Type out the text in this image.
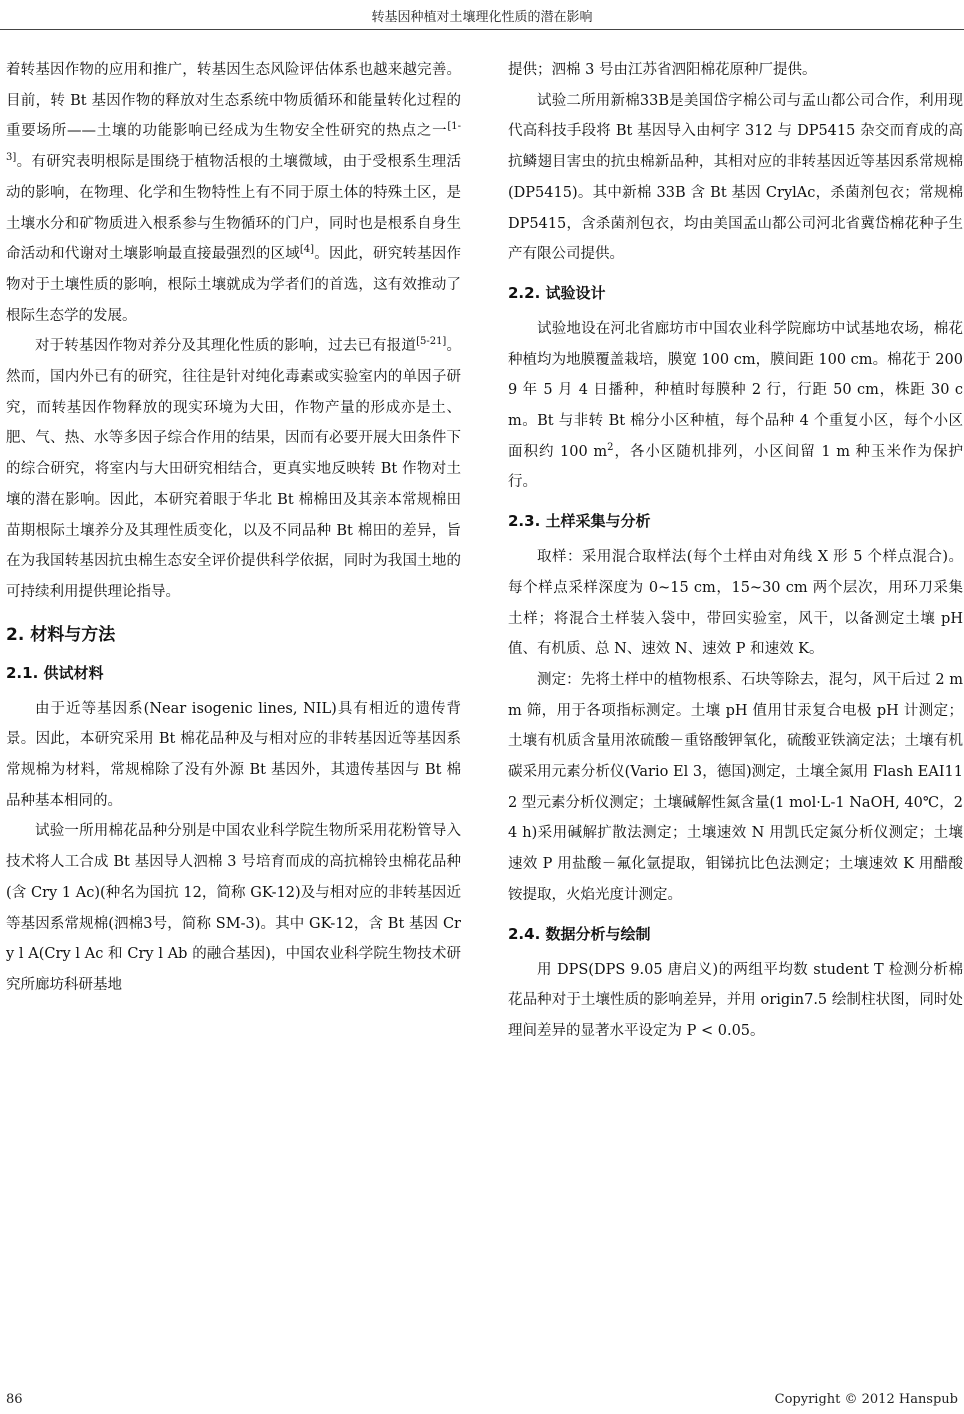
转基因种植对土壤理化性质的潜在影响

着转基因作物的应用和推广，转基因生态风险评估体系也越来越完善。目前，转 Bt 基因作物的释放对生态系统中物质循环和能量转化过程的重要场所——土壤的功能影响已经成为生物安全性研究的热点之一[1-3]。有研究表明根际是围绕于植物活根的土壤微域，由于受根系生理活动的影响，在物理、化学和生物特性上有不同于原土体的特殊土区，是土壤水分和矿物质进入根系参与生物循环的门户，同时也是根系自身生命活动和代谢对土壤影响最直接最强烈的区域[4]。因此，研究转基因作物对于土壤性质的影响，根际土壤就成为学者们的首选，这有效推动了根际生态学的发展。

对于转基因作物对养分及其理化性质的影响，过去已有报道[5-21]。然而，国内外已有的研究，往往是针对纯化毒素或实验室内的单因子研究，而转基因作物释放的现实环境为大田，作物产量的形成亦是土、肥、气、热、水等多因子综合作用的结果，因而有必要开展大田条件下的综合研究，将室内与大田研究相结合，更真实地反映转 Bt 作物对土壤的潜在影响。因此，本研究着眼于华北 Bt 棉棉田及其亲本常规棉田苗期根际土壤养分及其理性质变化，以及不同品种 Bt 棉田的差异，旨在为我国转基因抗虫棉生态安全评价提供科学依据，同时为我国土地的可持续利用提供理论指导。

2. 材料与方法
2.1. 供试材料

由于近等基因系(Near isogenic lines, NIL)具有相近的遗传背景。因此，本研究采用 Bt 棉花品种及与相对应的非转基因近等基因系常规棉为材料，常规棉除了没有外源 Bt 基因外，其遗传基因与 Bt 棉品种基本相同的。

试验一所用棉花品种分别是中国农业科学院生物所采用花粉管导入技术将人工合成 Bt 基因导人泗棉 3 号培育而成的高抗棉铃虫棉花品种(含 Cry 1 Ac)(种名为国抗 12，简称 GK-12)及与相对应的非转基因近等基因系常规棉(泗棉3号，简称 SM-3)。其中 GK-12，含 Bt 基因 Cry l A(Cry l Ac 和 Cry l Ab 的融合基因)，中国农业科学院生物技术研究所廊坊科研基地

提供；泗棉 3 号由江苏省泗阳棉花原种厂提供。

试验二所用新棉33B是美国岱字棉公司与孟山都公司合作，利用现代高科技手段将 Bt 基因导入由柯字 312 与 DP5415 杂交而育成的高抗鳞翅目害虫的抗虫棉新品种，其相对应的非转基因近等基因系常规棉(DP5415)。其中新棉 33B 含 Bt 基因 CrylAc，杀菌剂包衣；常规棉 DP5415，含杀菌剂包衣，均由美国孟山都公司河北省冀岱棉花种子生产有限公司提供。

2.2. 试验设计

试验地设在河北省廊坊市中国农业科学院廊坊中试基地农场，棉花种植均为地膜覆盖栽培，膜宽 100 cm，膜间距 100 cm。棉花于 2009 年 5 月 4 日播种，种植时每膜种 2 行，行距 50 cm，株距 30 cm。Bt 与非转 Bt 棉分小区种植，每个品种 4 个重复小区，每个小区面积约 100 $m^2$，各小区随机排列，小区间留 1 m 种玉米作为保护行。

2.3. 土样采集与分析

取样：采用混合取样法(每个土样由对角线 X 形 5 个样点混合)。每个样点采样深度为 0~15 cm，15~30 cm 两个层次，用环刀采集土样；将混合土样装入袋中，带回实验室，风干，以备测定土壤 pH 值、有机质、总 N、速效 N、速效 P 和速效 K。

测定：先将土样中的植物根系、石块等除去，混匀，风干后过 2 mm 筛，用于各项指标测定。土壤 pH 值用甘汞复合电极 pH 计测定；土壤有机质含量用浓硫酸－重铬酸钾氧化，硫酸亚铁滴定法；土壤有机碳采用元素分析仪(Vario El 3，德国)测定，土壤全氮用 Flash EAI112 型元素分析仪测定；土壤碱解性氮含量(1 mol·L-1 NaOH, 40℃，24 h)采用碱解扩散法测定；土壤速效 N 用凯氏定氮分析仪测定；土壤速效 P 用盐酸－氟化氩提取，钼锑抗比色法测定；土壤速效 K 用醋酸铵提取，火焰光度计测定。

2.4. 数据分析与绘制

用 DPS(DPS 9.05 唐启义)的两组平均数 student T 检测分析棉花品种对于土壤性质的影响差异，并用 origin7.5 绘制柱状图，同时处理间差异的显著水平设定为 P < 0.05。

86	Copyright © 2012 Hanspub
